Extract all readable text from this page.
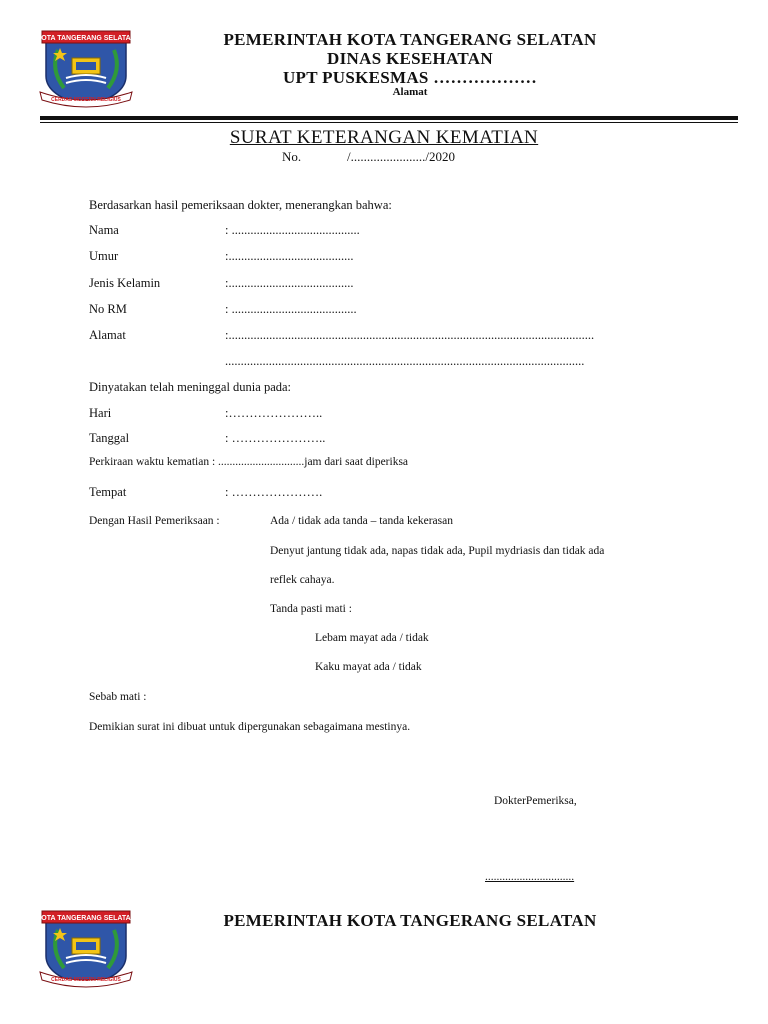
KOTA TANGERANG SELATAN
CERDAS MODERN RELIGIUS
PEMERINTAH KOTA TANGERANG SELATAN
DINAS KESEHATAN
UPT PUSKESMAS ………………
Alamat
SURAT KETERANGAN KEMATIAN
No.	/......................./2020
Berdasarkan hasil pemeriksaan dokter, menerangkan bahwa:
Nama	: .........................................
Umur	:........................................
Jenis Kelamin	:........................................
No RM	: ........................................
Alamat	:.....................................................................................................................
...................................................................................................................
Dinyatakan telah meninggal dunia pada:
Hari	:…………………..
Tanggal	: …………………..
Perkiraan waktu kematian : ..............................jam dari saat diperiksa
Tempat	: ………………….
Dengan Hasil Pemeriksaan :	Ada / tidak ada tanda – tanda kekerasan
Denyut jantung tidak ada, napas tidak ada, Pupil mydriasis dan tidak ada
reflek cahaya.
Tanda pasti mati :
Lebam mayat ada / tidak
Kaku mayat ada / tidak
Sebab mati :
Demikian surat ini dibuat untuk dipergunakan sebagaimana mestinya.
DokterPemeriksa,
...............................
KOTA TANGERANG SELATAN
CERDAS MODERN RELIGIUS
PEMERINTAH KOTA TANGERANG SELATAN
